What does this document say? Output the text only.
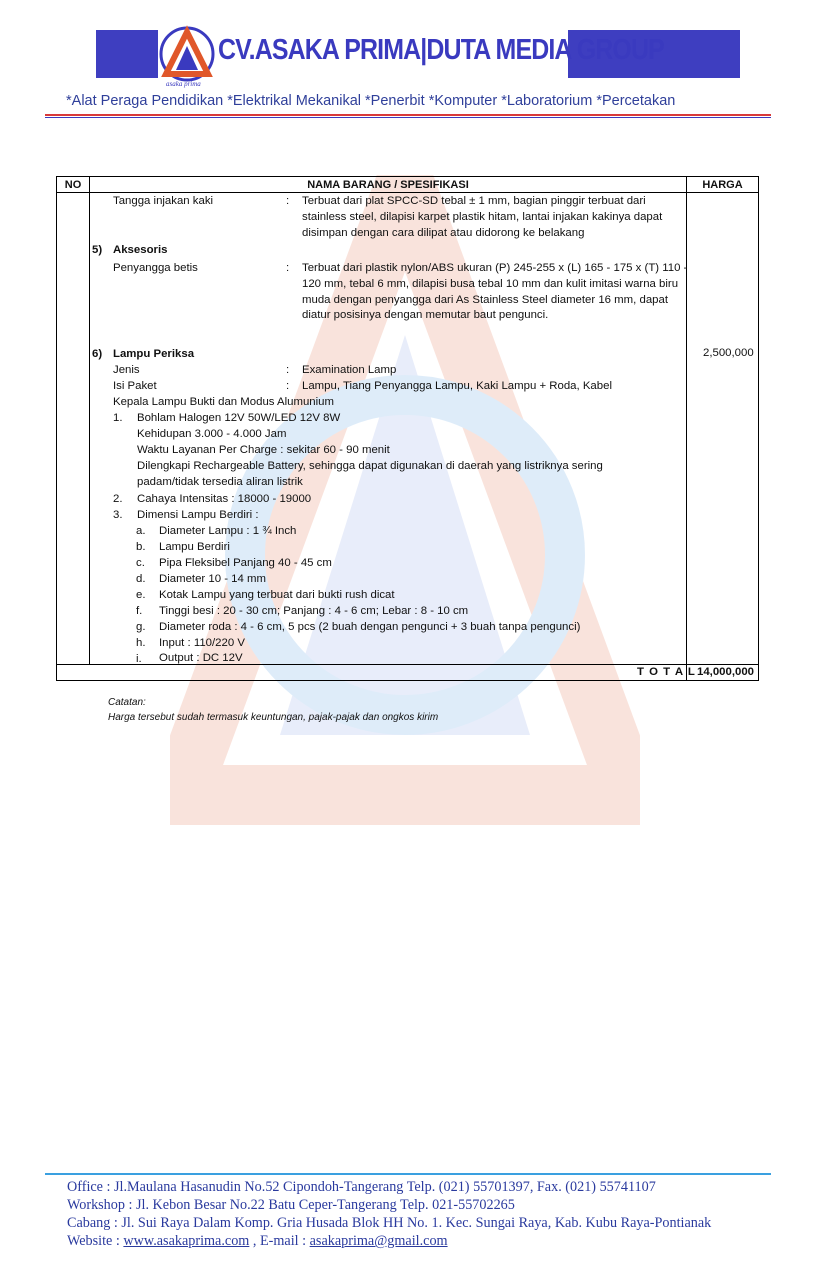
asaka prima
CV.ASAKA PRIMA|DUTA MEDIA GROUP
*Alat Peraga Pendidikan *Elektrikal Mekanikal *Penerbit *Komputer *Laboratorium *Percetakan
NO	NAMA BARANG / SPESIFIKASI	HARGA
Tangga injakan kaki	: Terbuat dari plat SPCC-SD tebal ± 1 mm, bagian pinggir terbuat dari stainless steel, dilapisi karpet plastik hitam, lantai injakan kakinya dapat disimpan dengan cara dilipat atau didorong ke belakang
5) Aksesoris
Penyangga betis	: Terbuat dari plastik nylon/ABS ukuran (P) 245-255 x (L) 165 - 175 x (T) 110 - 120 mm, tebal 6 mm, dilapisi busa tebal 10 mm dan kulit imitasi warna biru muda dengan penyangga dari As Stainless Steel diameter 16 mm, dapat diatur posisinya dengan memutar baut pengunci.
6) Lampu Periksa	2,500,000
Jenis	: Examination Lamp
Isi Paket	: Lampu, Tiang Penyangga Lampu, Kaki Lampu + Roda, Kabel
Kepala Lampu Bukti dan Modus Alumunium
1. Bohlam Halogen 12V 50W/LED 12V 8W
Kehidupan 3.000 - 4.000 Jam
Waktu Layanan Per Charge : sekitar 60 - 90 menit
Dilengkapi Rechargeable Battery, sehingga dapat digunakan di daerah yang listriknya sering
padam/tidak tersedia aliran listrik
2. Cahaya Intensitas : 18000 - 19000
3. Dimensi Lampu Berdiri :
a. Diameter Lampu : 1 ¾ Inch
b. Lampu Berdiri
c. Pipa Fleksibel Panjang 40 - 45 cm
d. Diameter 10 - 14 mm
e. Kotak Lampu yang terbuat dari bukti rush dicat
f. Tinggi besi : 20 - 30 cm; Panjang : 4 - 6 cm; Lebar : 8 - 10 cm
g. Diameter roda : 4 - 6 cm, 5 pcs (2 buah dengan pengunci + 3 buah tanpa pengunci)
h. Input : 110/220 V
i. Output : DC 12V
T O T A L 14,000,000
Catatan:
Harga tersebut sudah termasuk keuntungan, pajak-pajak dan ongkos kirim
Office : Jl.Maulana Hasanudin No.52 Cipondoh-Tangerang Telp. (021) 55701397, Fax. (021) 55741107
Workshop : Jl. Kebon Besar No.22 Batu Ceper-Tangerang Telp. 021-55702265
Cabang : Jl. Sui Raya Dalam Komp. Gria Husada Blok HH No. 1. Kec. Sungai Raya, Kab. Kubu Raya-Pontianak
Website : www.asakaprima.com , E-mail : asakaprima@gmail.com
